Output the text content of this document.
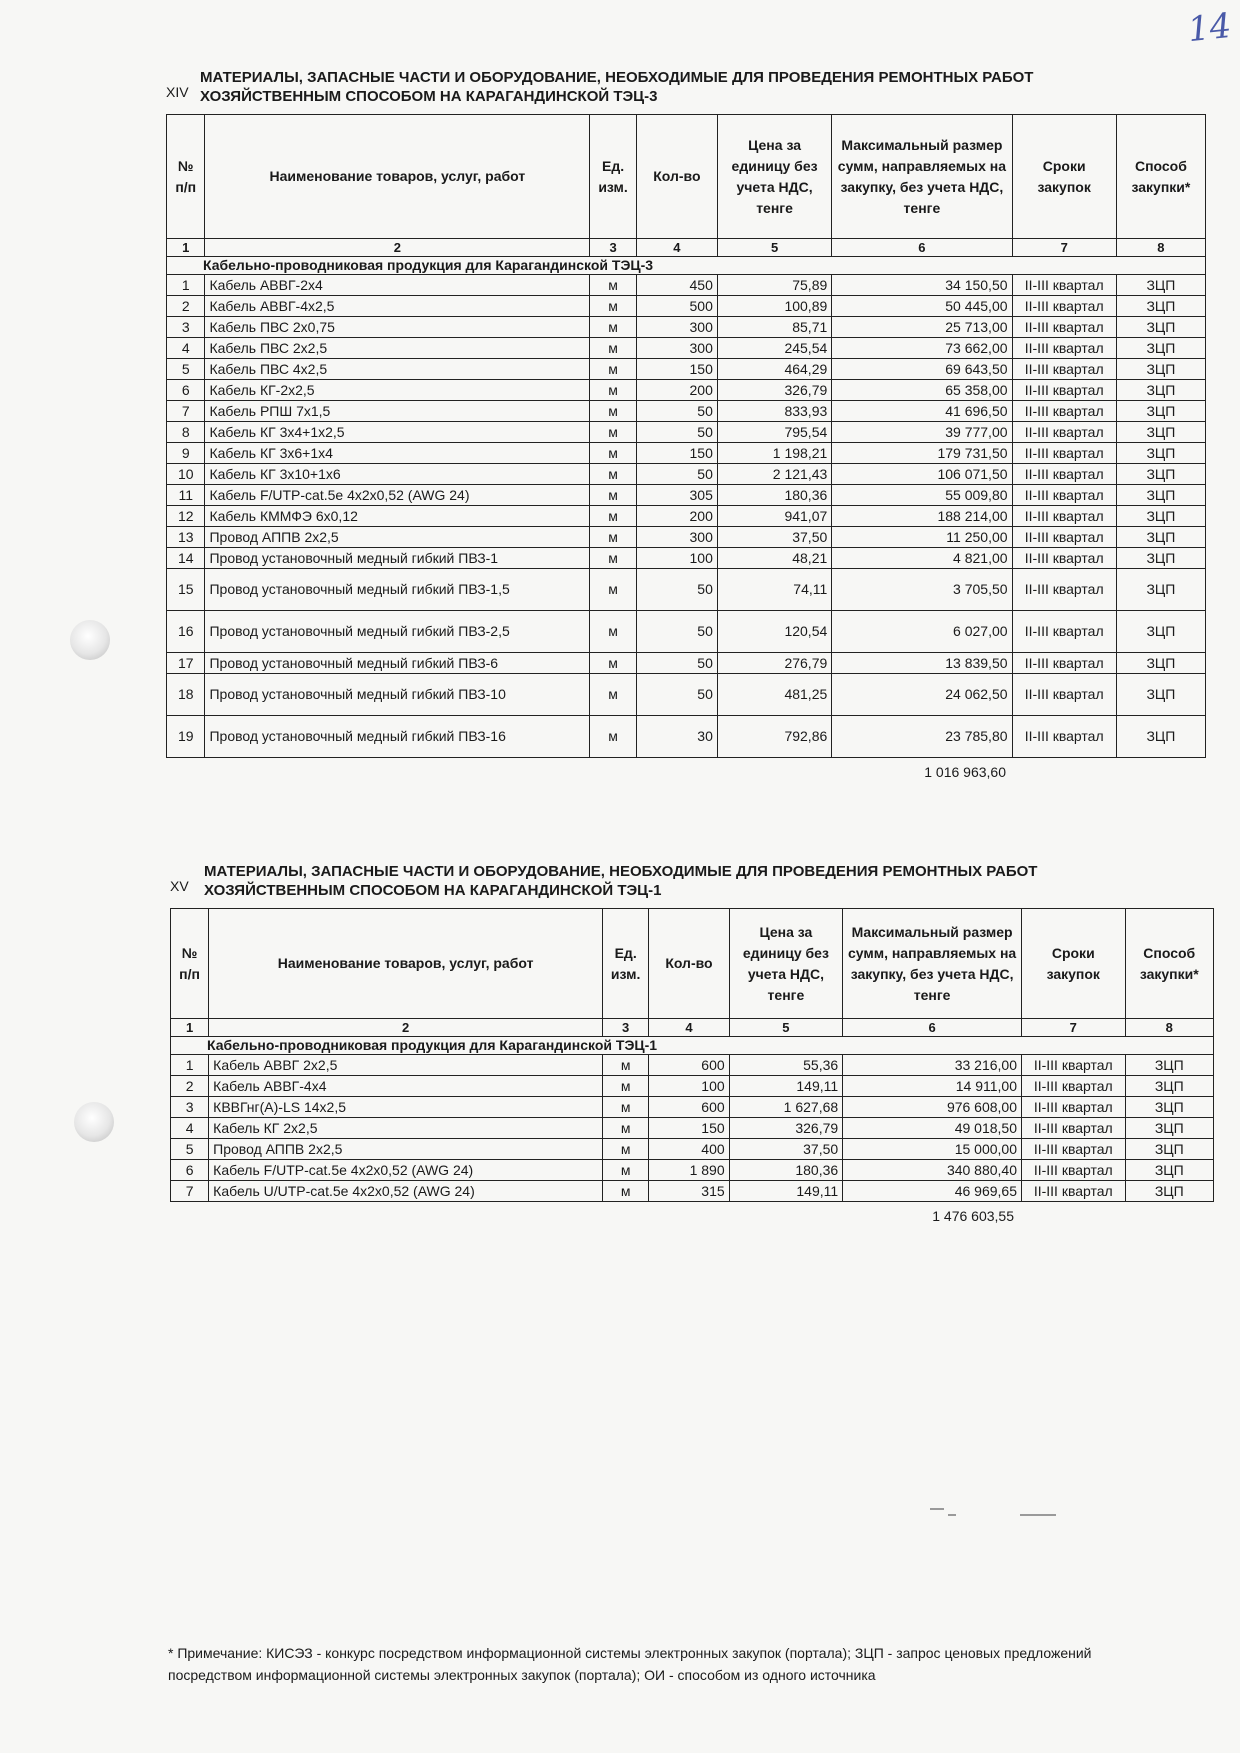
14
XIV
МАТЕРИАЛЫ, ЗАПАСНЫЕ ЧАСТИ И ОБОРУДОВАНИЕ, НЕОБХОДИМЫЕ ДЛЯ ПРОВЕДЕНИЯ РЕМОНТНЫХ РАБОТ ХОЗЯЙСТВЕННЫМ СПОСОБОМ НА КАРАГАНДИНСКОЙ ТЭЦ-3
№ п/п	Наименование товаров, услуг, работ	Ед. изм.	Кол-во	Цена за единицу без учета НДС, тенге	Максимальный размер сумм, направляемых на закупку, без учета НДС, тенге	Сроки закупок	Способ закупки*
1	2	3	4	5	6	7	8
Кабельно-проводниковая продукция для Карагандинской ТЭЦ-3							
1	Кабель АВВГ-2х4	м	450	75,89	34 150,50	II-III квартал	ЗЦП
2	Кабель АВВГ-4х2,5	м	500	100,89	50 445,00	II-III квартал	ЗЦП
3	Кабель ПВС 2х0,75	м	300	85,71	25 713,00	II-III квартал	ЗЦП
4	Кабель ПВС 2х2,5	м	300	245,54	73 662,00	II-III квартал	ЗЦП
5	Кабель ПВС 4х2,5	м	150	464,29	69 643,50	II-III квартал	ЗЦП
6	Кабель КГ-2х2,5	м	200	326,79	65 358,00	II-III квартал	ЗЦП
7	Кабель РПШ 7х1,5	м	50	833,93	41 696,50	II-III квартал	ЗЦП
8	Кабель КГ 3х4+1х2,5	м	50	795,54	39 777,00	II-III квартал	ЗЦП
9	Кабель КГ 3х6+1х4	м	150	1 198,21	179 731,50	II-III квартал	ЗЦП
10	Кабель КГ 3х10+1х6	м	50	2 121,43	106 071,50	II-III квартал	ЗЦП
11	Кабель F/UTP-cat.5e 4x2x0,52 (AWG 24)	м	305	180,36	55 009,80	II-III квартал	ЗЦП
12	Кабель КММФЭ 6х0,12	м	200	941,07	188 214,00	II-III квартал	ЗЦП
13	Провод АППВ 2х2,5	м	300	37,50	11 250,00	II-III квартал	ЗЦП
14	Провод установочный медный гибкий ПВЗ-1	м	100	48,21	4 821,00	II-III квартал	ЗЦП
15	Провод установочный медный гибкий ПВЗ-1,5	м	50	74,11	3 705,50	II-III квартал	ЗЦП
16	Провод установочный медный гибкий ПВЗ-2,5	м	50	120,54	6 027,00	II-III квартал	ЗЦП
17	Провод установочный медный гибкий ПВЗ-6	м	50	276,79	13 839,50	II-III квартал	ЗЦП
18	Провод установочный медный гибкий ПВЗ-10	м	50	481,25	24 062,50	II-III квартал	ЗЦП
19	Провод установочный медный гибкий ПВЗ-16	м	30	792,86	23 785,80	II-III квартал	ЗЦП
1 016 963,60
XV
МАТЕРИАЛЫ, ЗАПАСНЫЕ ЧАСТИ И ОБОРУДОВАНИЕ, НЕОБХОДИМЫЕ ДЛЯ ПРОВЕДЕНИЯ РЕМОНТНЫХ РАБОТ ХОЗЯЙСТВЕННЫМ СПОСОБОМ НА КАРАГАНДИНСКОЙ ТЭЦ-1
№ п/п	Наименование товаров, услуг, работ	Ед. изм.	Кол-во	Цена за единицу без учета НДС, тенге	Максимальный размер сумм, направляемых на закупку, без учета НДС, тенге	Сроки закупок	Способ закупки*
1	2	3	4	5	6	7	8
Кабельно-проводниковая продукция для Карагандинской ТЭЦ-1							
1	Кабель АВВГ 2х2,5	м	600	55,36	33 216,00	II-III квартал	ЗЦП
2	Кабель АВВГ-4х4	м	100	149,11	14 911,00	II-III квартал	ЗЦП
3	КВВГнг(А)-LS 14х2,5	м	600	1 627,68	976 608,00	II-III квартал	ЗЦП
4	Кабель КГ 2х2,5	м	150	326,79	49 018,50	II-III квартал	ЗЦП
5	Провод АППВ 2х2,5	м	400	37,50	15 000,00	II-III квартал	ЗЦП
6	Кабель F/UTP-cat.5e 4x2x0,52 (AWG 24)	м	1 890	180,36	340 880,40	II-III квартал	ЗЦП
7	Кабель U/UTP-cat.5e 4x2x0,52 (AWG 24)	м	315	149,11	46 969,65	II-III квартал	ЗЦП
1 476 603,55
* Примечание: КИСЭЗ - конкурс посредством информационной системы электронных закупок (портала); ЗЦП - запрос ценовых предложений посредством информационной системы электронных закупок (портала); ОИ - способом из одного источника
